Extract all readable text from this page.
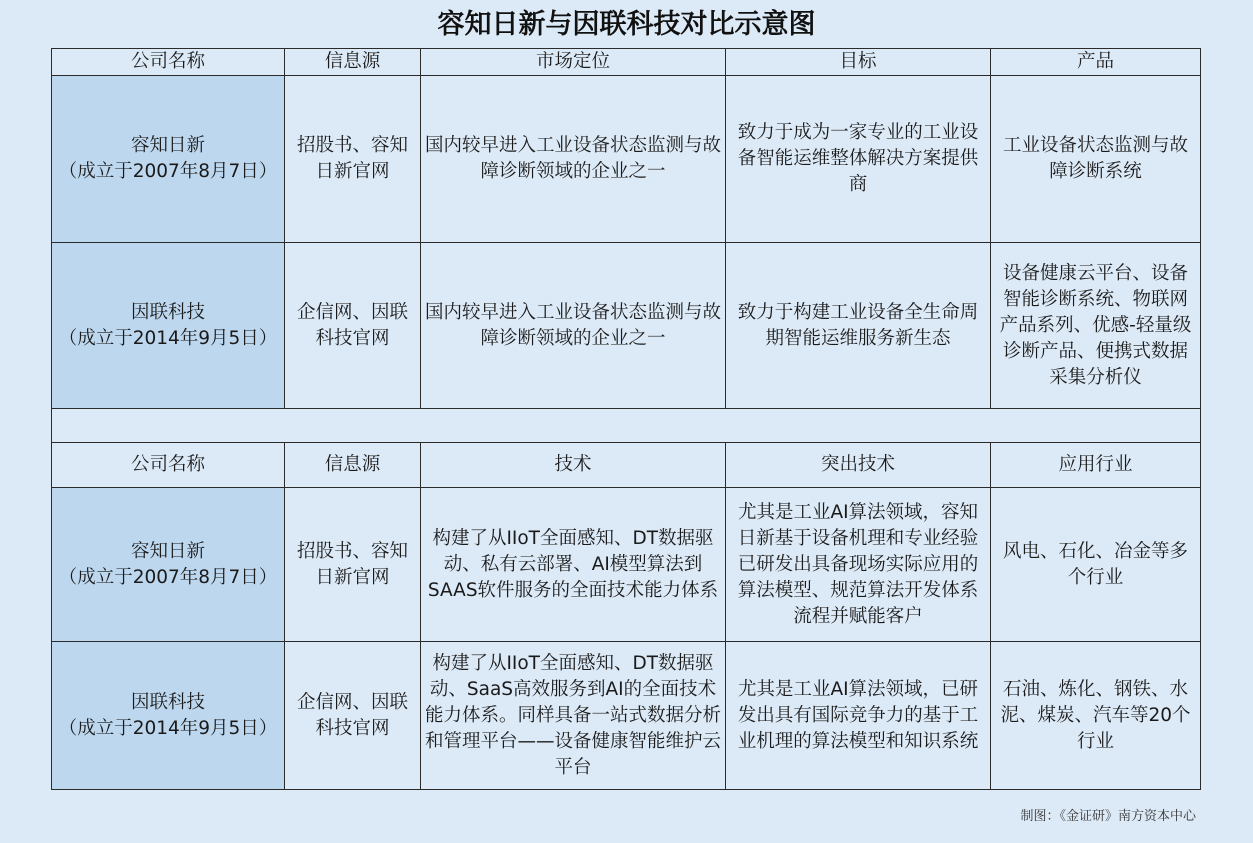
容知日新与因联科技对比示意图
公司名称	信息源	市场定位	目标	产品

容知日新
（成立于2007年8月7日）	招股书、容知日新官网	国内较早进入工业设备状态监测与故障诊断领域的企业之一	致力于成为一家专业的工业设备智能运维整体解决方案提供商	工业设备状态监测与故障诊断系统

因联科技
（成立于2014年9月5日）	企信网、因联科技官网	国内较早进入工业设备状态监测与故障诊断领域的企业之一	致力于构建工业设备全生命周期智能运维服务新生态	设备健康云平台、设备智能诊断系统、物联网产品系列、优感-轻量级诊断产品、便携式数据采集分析仪

公司名称	信息源	技术	突出技术	应用行业

容知日新
（成立于2007年8月7日）	招股书、容知日新官网	构建了从IIoT全面感知、DT数据驱动、私有云部署、AI模型算法到SAAS软件服务的全面技术能力体系	尤其是工业AI算法领域，容知日新基于设备机理和专业经验已研发出具备现场实际应用的算法模型、规范算法开发体系流程并赋能客户	风电、石化、冶金等多个行业

因联科技
（成立于2014年9月5日）	企信网、因联科技官网	构建了从IIoT全面感知、DT数据驱动、SaaS高效服务到AI的全面技术能力体系。同样具备一站式数据分析和管理平台——设备健康智能维护云平台	尤其是工业AI算法领域，已研发出具有国际竞争力的基于工业机理的算法模型和知识系统	石油、炼化、钢铁、水泥、煤炭、汽车等20个行业
制图：《金证研》南方资本中心
